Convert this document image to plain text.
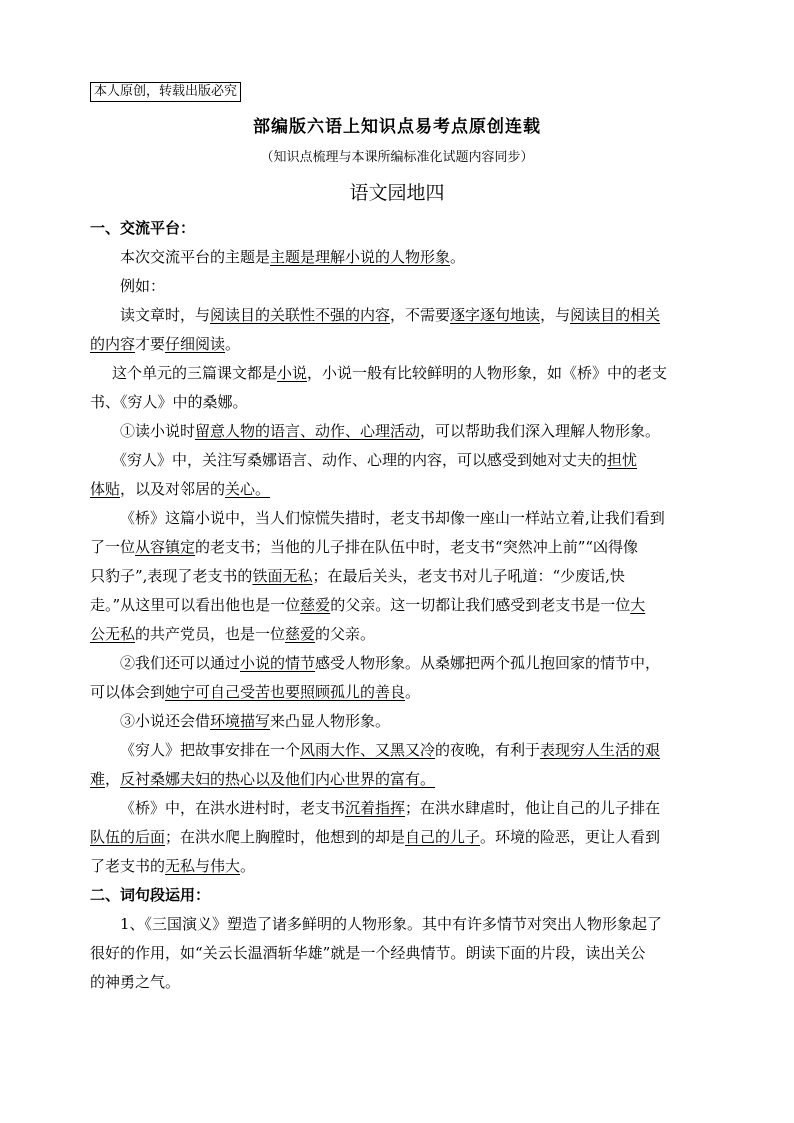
本人原创，转载出版必究
部编版六语上知识点易考点原创连载
（知识点梳理与本课所编标准化试题内容同步）
语文园地四
一、交流平台：
本次交流平台的主题是主题是理解小说的人物形象。
例如：
读文章时，与阅读目的关联性不强的内容，不需要逐字逐句地读，与阅读目的相关
的内容才要仔细阅读。
这个单元的三篇课文都是小说，小说一般有比较鲜明的人物形象，如《桥》中的老支
书、《穷人》中的桑娜。
①读小说时留意人物的语言、动作、心理活动，可以帮助我们深入理解人物形象。
《穷人》中，关注写桑娜语言、动作、心理的内容，可以感受到她对丈夫的担忧
体贴，以及对邻居的关心。
《桥》这篇小说中，当人们惊慌失措时，老支书却像一座山一样站立着,让我们看到
了一位从容镇定的老支书；当他的儿子排在队伍中时，老支书“突然冲上前”“凶得像
只豹子”,表现了老支书的铁面无私；在最后关头，老支书对儿子吼道：“少废话,快
走。”从这里可以看出他也是一位慈爱的父亲。这一切都让我们感受到老支书是一位大
公无私的共产党员，也是一位慈爱的父亲。
②我们还可以通过小说的情节感受人物形象。从桑娜把两个孤儿抱回家的情节中，
可以体会到她宁可自己受苦也要照顾孤儿的善良。
③小说还会借环境描写来凸显人物形象。
《穷人》把故事安排在一个风雨大作、又黑又冷的夜晚，有利于表现穷人生活的艰
难，反衬桑娜夫妇的热心以及他们内心世界的富有。
《桥》中，在洪水进村时，老支书沉着指挥；在洪水肆虐时，他让自己的儿子排在
队伍的后面；在洪水爬上胸膛时，他想到的却是自己的儿子。环境的险恶，更让人看到
了老支书的无私与伟大。
二、词句段运用：
1、《三国演义》塑造了诸多鲜明的人物形象。其中有许多情节对突出人物形象起了
很好的作用，如“关云长温酒斩华雄”就是一个经典情节。朗读下面的片段，读出关公
的神勇之气。
